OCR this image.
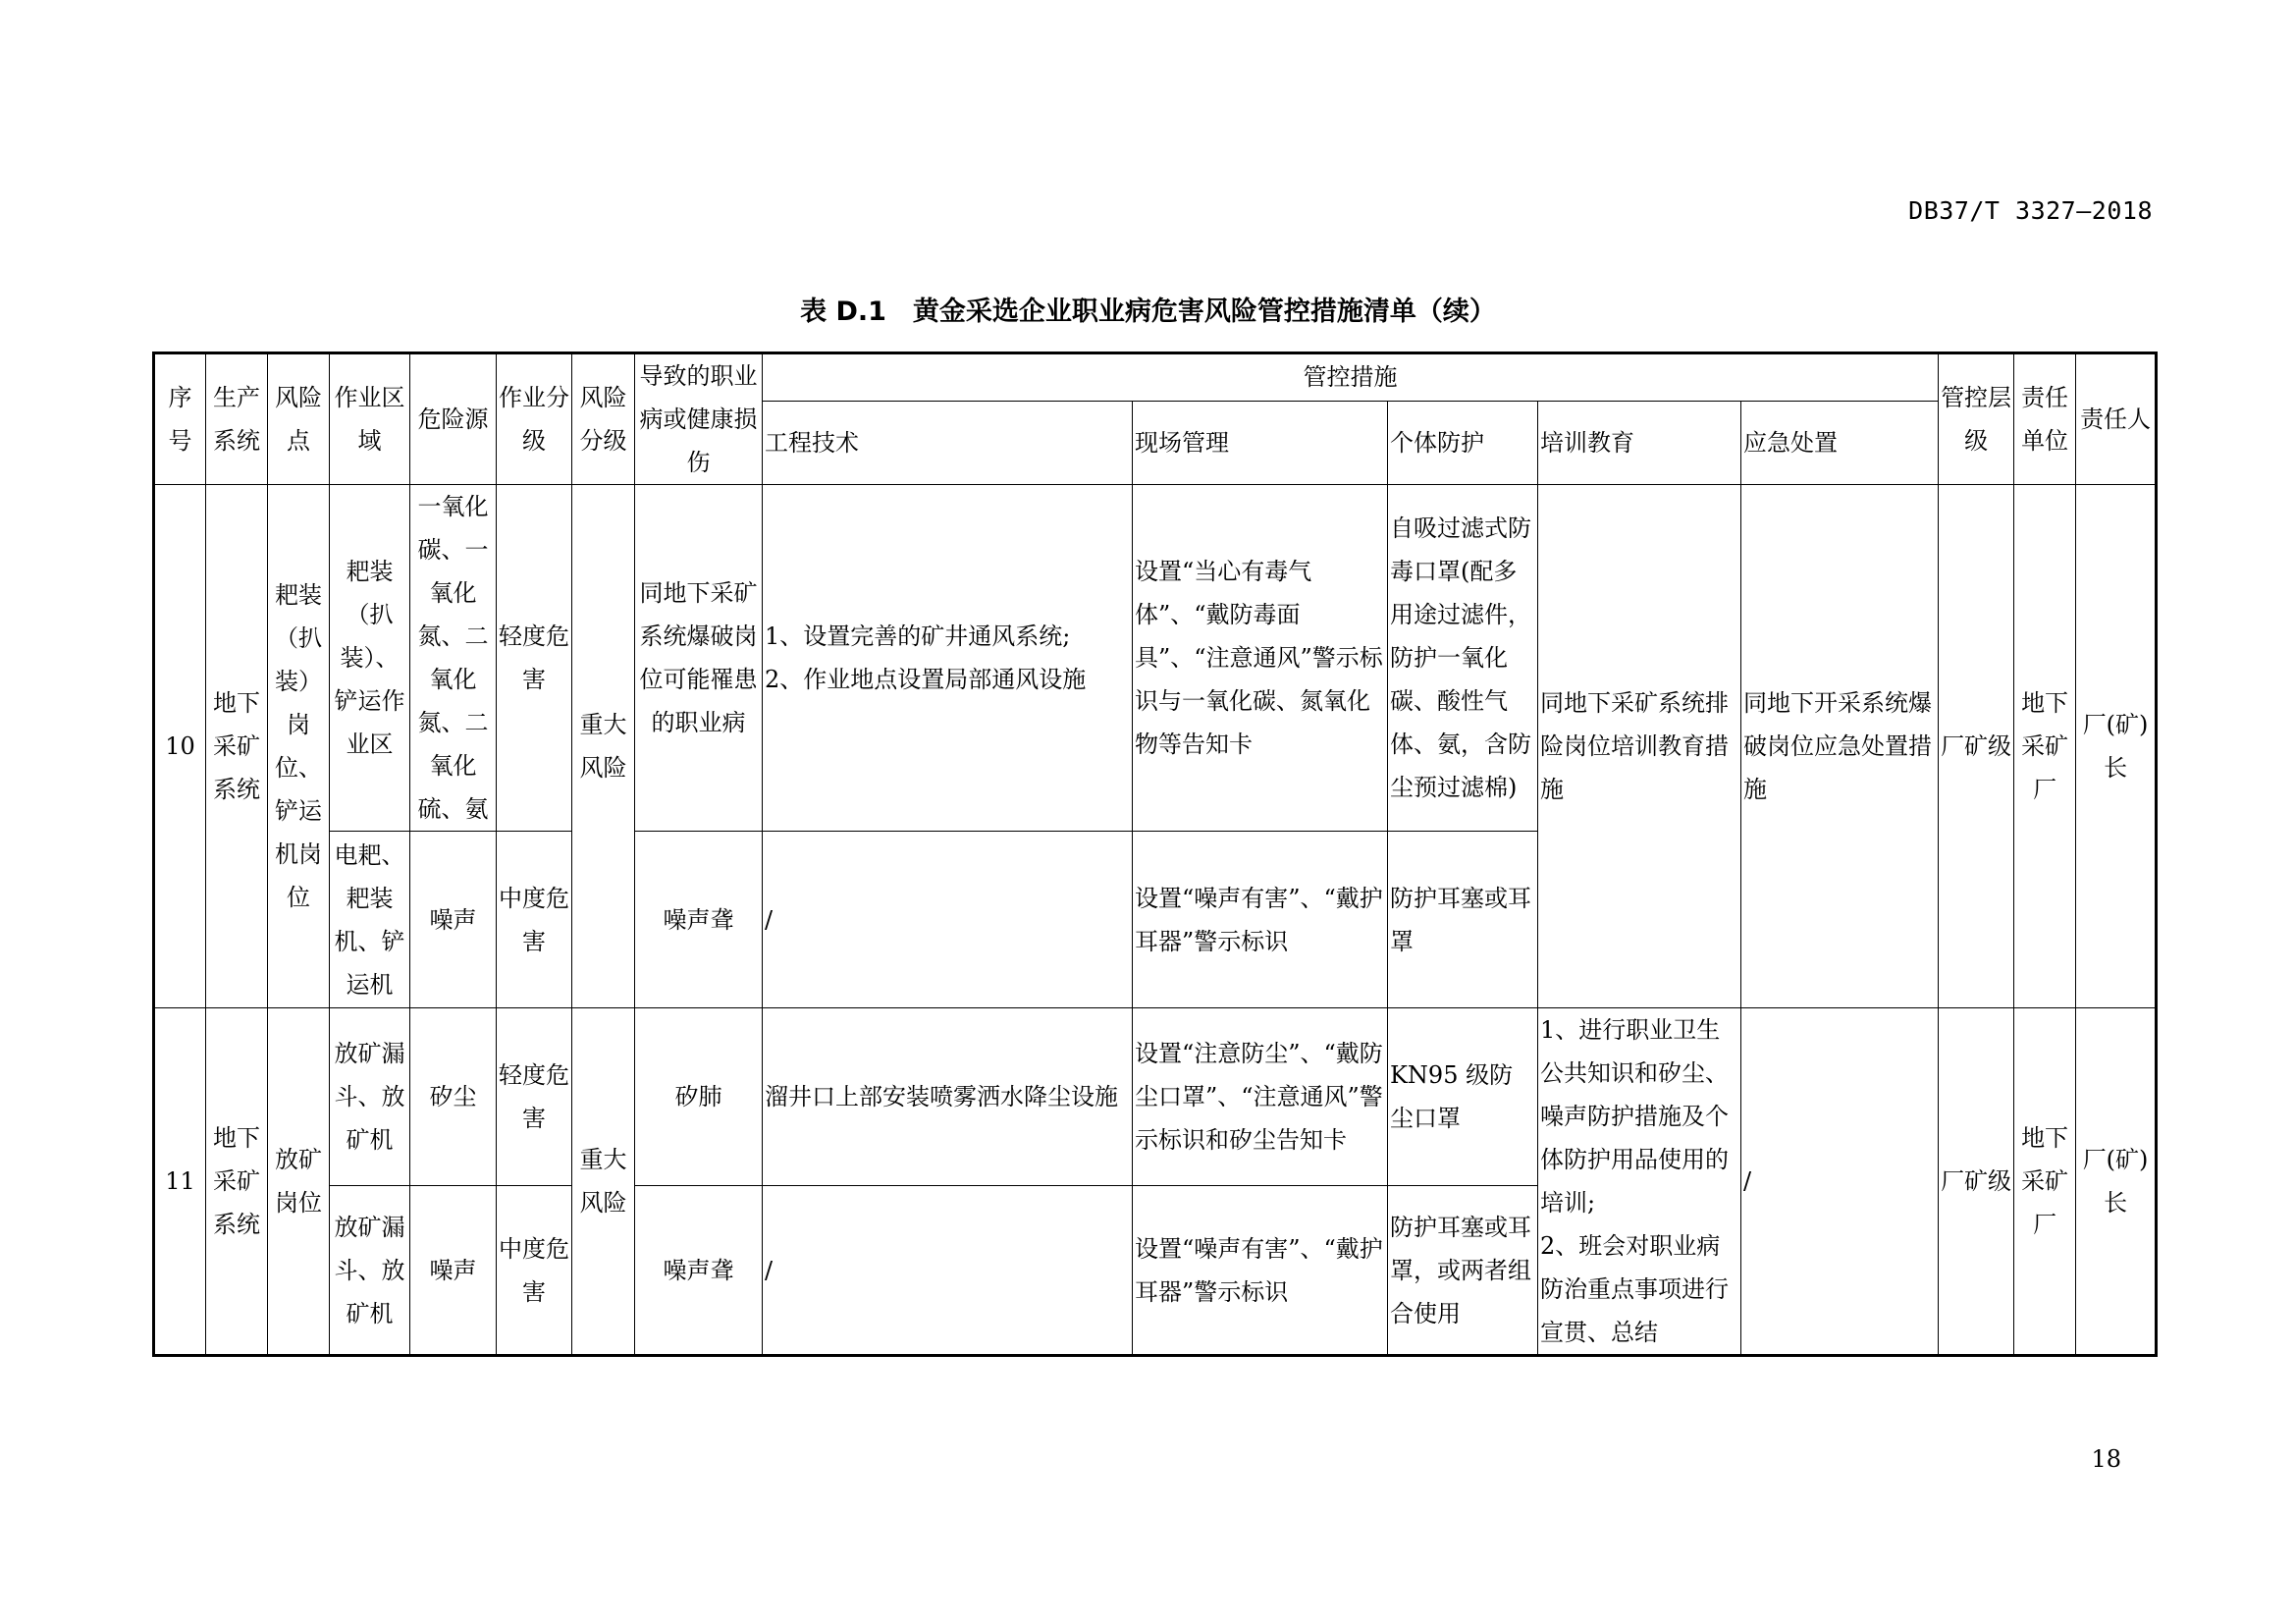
DB37/T 3327—2018
表 D.1　黄金采选企业职业病危害风险管控措施清单（续）
序号	生产系统	风险点	作业区域	危险源	作业分级	风险分级	导致的职业病或健康损伤	管控措施					管控层级	责任单位	责任人
								工程技术	现场管理	个体防护	培训教育	应急处置			
10	地下采矿系统	耙装（扒装）岗位、铲运机岗位	耙装（扒装）、铲运作业区	一氧化碳、一氧化氮、二氧化氮、二氧化硫、氨	轻度危害	重大风险	同地下采矿系统爆破岗位可能罹患的职业病	1、设置完善的矿井通风系统;
2、作业地点设置局部通风设施	设置“当心有毒气体”、“戴防毒面具”、“注意通风”警示标识与一氧化碳、氮氧化物等告知卡	自吸过滤式防毒口罩(配多用途过滤件，防护一氧化碳、酸性气体、氨，含防尘预过滤棉)	同地下采矿系统排险岗位培训教育措施	同地下开采系统爆破岗位应急处置措施	厂矿级	地下采矿厂	厂(矿)长
			电耙、耙装机、铲运机	噪声	中度危害		噪声聋	/	设置“噪声有害”、“戴护耳器”警示标识	防护耳塞或耳罩					
11	地下采矿系统	放矿岗位	放矿漏斗、放矿机	矽尘	轻度危害	重大风险	矽肺	溜井口上部安装喷雾洒水降尘设施	设置“注意防尘”、“戴防尘口罩”、“注意通风”警示标识和矽尘告知卡	KN95 级防尘口罩	1、进行职业卫生公共知识和矽尘、噪声防护措施及个体防护用品使用的培训;
2、班会对职业病防治重点事项进行宣贯、总结	/	厂矿级	地下采矿厂	厂(矿)长
			放矿漏斗、放矿机	噪声	中度危害		噪声聋	/	设置“噪声有害”、“戴护耳器”警示标识	防护耳塞或耳罩，或两者组合使用					
18
